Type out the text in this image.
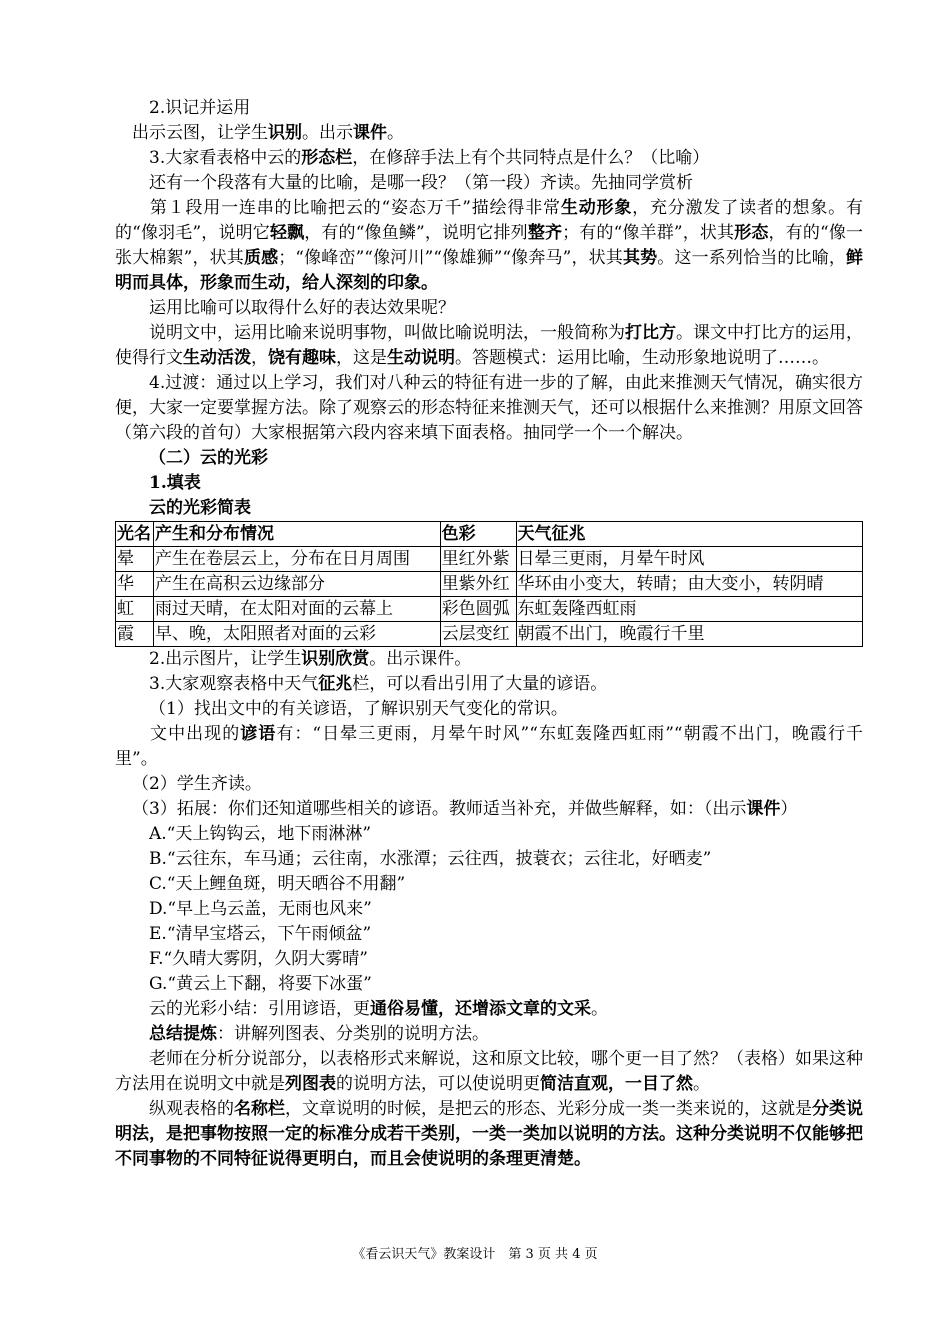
2.识记并运用

出示云图，让学生识别。出示课件。

3.大家看表格中云的形态栏，在修辞手法上有个共同特点是什么？（比喻）

还有一个段落有大量的比喻，是哪一段？（第一段）齐读。先抽同学赏析

第１段用一连串的比喻把云的“姿态万千”描绘得非常生动形象，充分激发了读者的想象。有的“像羽毛”，说明它轻飘，有的“像鱼鳞”，说明它排列整齐；有的“像羊群”，状其形态，有的“像一张大棉絮”，状其质感；“像峰峦”“像河川”“像雄狮”“像奔马”，状其其势。这一系列恰当的比喻，鲜明而具体，形象而生动，给人深刻的印象。

运用比喻可以取得什么好的表达效果呢？

说明文中，运用比喻来说明事物，叫做比喻说明法，一般简称为打比方。课文中打比方的运用，使得行文生动活泼，饶有趣味，这是生动说明。答题模式：运用比喻，生动形象地说明了……。

4.过渡：通过以上学习，我们对八种云的特征有进一步的了解，由此来推测天气情况，确实很方便，大家一定要掌握方法。除了观察云的形态特征来推测天气，还可以根据什么来推测？用原文回答（第六段的首句）大家根据第六段内容来填下面表格。抽同学一个一个解决。

（二）云的光彩

1.填表

云的光彩简表

光名	产生和分布情况	色彩	天气征兆
晕	产生在卷层云上，分布在日月周围	里红外紫	日晕三更雨，月晕午时风
华	产生在高积云边缘部分	里紫外红	华环由小变大，转晴；由大变小，转阴晴
虹	雨过天晴，在太阳对面的云幕上	彩色圆弧	东虹轰隆西虹雨
霞	早、晚，太阳照者对面的云彩	云层变红	朝霞不出门，晚霞行千里

2.出示图片，让学生识别欣赏。出示课件。

3.大家观察表格中天气征兆栏，可以看出引用了大量的谚语。

（1）找出文中的有关谚语，了解识别天气变化的常识。

文中出现的谚语有：“日晕三更雨，月晕午时风”“东虹轰隆西虹雨”“朝霞不出门，晚霞行千里”。

（2）学生齐读。

（3）拓展：你们还知道哪些相关的谚语。教师适当补充，并做些解释，如：（出示课件）

A.“天上钩钩云，地下雨淋淋”

B.“云往东，车马通；云往南，水涨潭；云往西，披蓑衣；云往北，好晒麦”

C.“天上鲤鱼斑，明天晒谷不用翻”

D.“早上乌云盖，无雨也风来”

E.“清早宝塔云，下午雨倾盆”

F.“久晴大雾阴，久阴大雾晴”

G.“黄云上下翻，将要下冰蛋”

云的光彩小结：引用谚语，更通俗易懂，还增添文章的文采。

总结提炼：讲解列图表、分类别的说明方法。

老师在分析分说部分，以表格形式来解说，这和原文比较，哪个更一目了然？（表格）如果这种方法用在说明文中就是列图表的说明方法，可以使说明更简洁直观，一目了然。

纵观表格的名称栏，文章说明的时候，是把云的形态、光彩分成一类一类来说的，这就是分类说明法，是把事物按照一定的标准分成若干类别，一类一类加以说明的方法。这种分类说明不仅能够把不同事物的不同特征说得更明白，而且会使说明的条理更清楚。

《看云识天气》教案设计　第 3 页 共 4 页
